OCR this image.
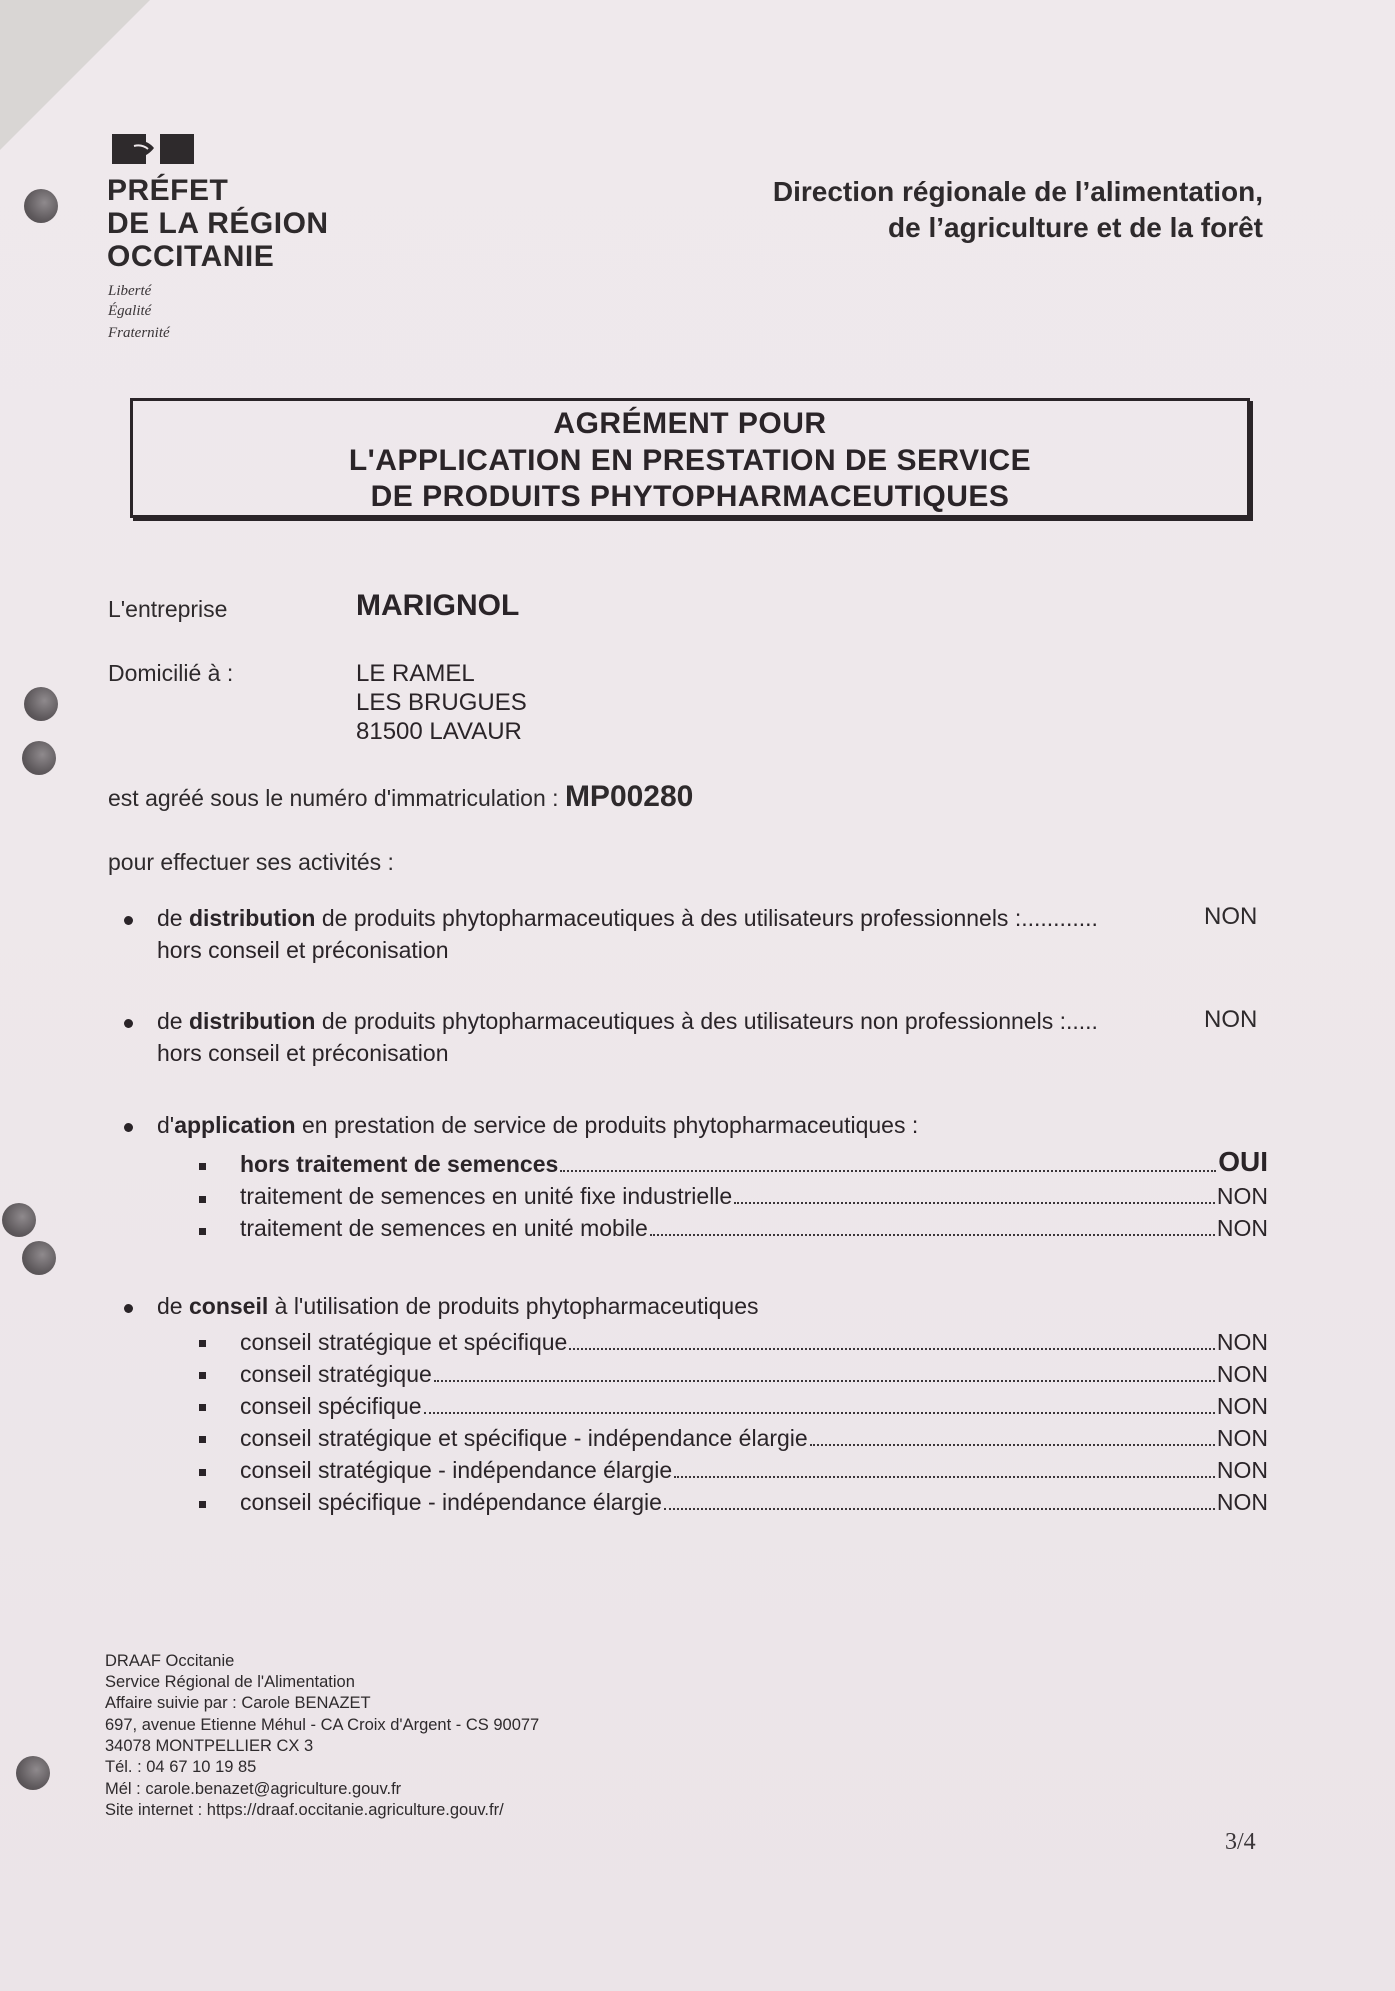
PRÉFET
DE LA RÉGION
OCCITANIE
Liberté
Égalité
Fraternité
Direction régionale de l’alimentation,
de l’agriculture et de la forêt
AGRÉMENT POUR
L'APPLICATION EN PRESTATION DE SERVICE
DE PRODUITS PHYTOPHARMACEUTIQUES
L'entreprise	MARIGNOL
Domicilié à :	LE RAMEL
LES BRUGUES
81500 LAVAUR
est agréé sous le numéro d'immatriculation : MP00280
pour effectuer ses activités :
de distribution de produits phytopharmaceutiques à des utilisateurs professionnels :............	NON
hors conseil et préconisation
de distribution de produits phytopharmaceutiques à des utilisateurs non professionnels :.....	NON
hors conseil et préconisation
d'application en prestation de service de produits phytopharmaceutiques :
hors traitement de semences	OUI
traitement de semences en unité fixe industrielle	NON
traitement de semences en unité mobile	NON
de conseil à l'utilisation de produits phytopharmaceutiques
conseil stratégique et spécifique	NON
conseil stratégique	NON
conseil spécifique	NON
conseil stratégique et spécifique - indépendance élargie	NON
conseil stratégique - indépendance élargie	NON
conseil spécifique - indépendance élargie	NON
DRAAF Occitanie
Service Régional de l'Alimentation
Affaire suivie par : Carole BENAZET
697, avenue Etienne Méhul - CA Croix d'Argent - CS 90077
34078 MONTPELLIER CX 3
Tél. : 04 67 10 19 85
Mél : carole.benazet@agriculture.gouv.fr
Site internet : https://draaf.occitanie.agriculture.gouv.fr/
3/4
